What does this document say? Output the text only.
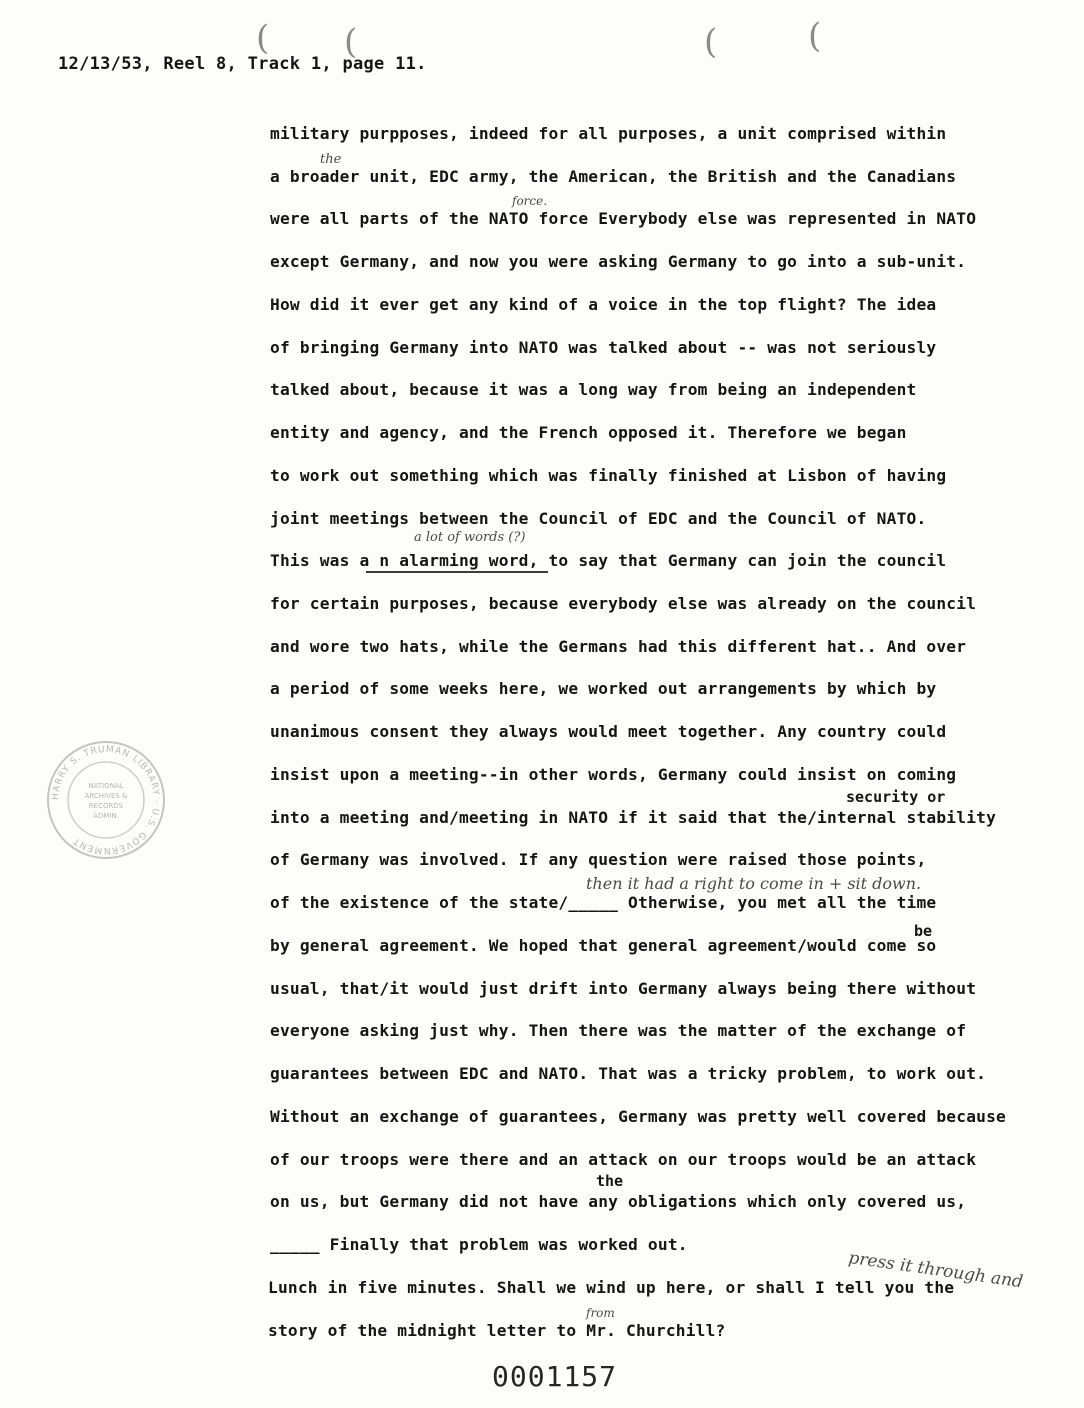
( (	(	(
12/13/53, Reel 8, Track 1, page 11.
military purpposes, indeed for all purposes, a unit comprised within
a broader unit, EDC army, the American, the British and the Canadians
were all parts of the NATO force Everybody else was represented in NATO
except Germany, and now you were asking Germany to go into a sub-unit.
How did it ever get any kind of a voice in the top flight? The idea
of bringing Germany into NATO was talked about -- was not seriously
talked about, because it was a long way from being an independent
entity and agency, and the French opposed it. Therefore we began
to work out something which was finally finished at Lisbon of having
joint meetings between the Council of EDC and the Council of NATO.
This was a n alarming word, to say that Germany can join the council
for certain purposes, because everybody else was already on the council
and wore two hats, while the Germans had this different hat.. And over
a period of some weeks here, we worked out arrangements by which by
unanimous consent they always would meet together. Any country could
insist upon a meeting--in other words, Germany could insist on coming
into a meeting and/meeting in NATO if it said that the/internal stability
of Germany was involved. If any question were raised those points,
of the existence of the state/_____ Otherwise, you met all the time
by general agreement. We hoped that general agreement/would come so
usual, that/it would just drift into Germany always being there without
everyone asking just why. Then there was the matter of the exchange of
guarantees between EDC and NATO. That was a tricky problem, to work out.
Without an exchange of guarantees, Germany was pretty well covered because
of our troops were there and an attack on our troops would be an attack
on us, but Germany did not have any obligations which only covered us,
_____ Finally that problem was worked out.
Lunch in five minutes. Shall we wind up here, or shall I tell you the
story of the midnight letter to Mr. Churchill?
the
force.
a lot of words (?)
security or
then it had a right to come in + sit down.
be
the
from
press it through and
HARRY S. TRUMAN LIBRARY · U.S. GOVERNMENT
NATIONAL
ARCHIVES &
RECORDS
ADMIN.
0001157
